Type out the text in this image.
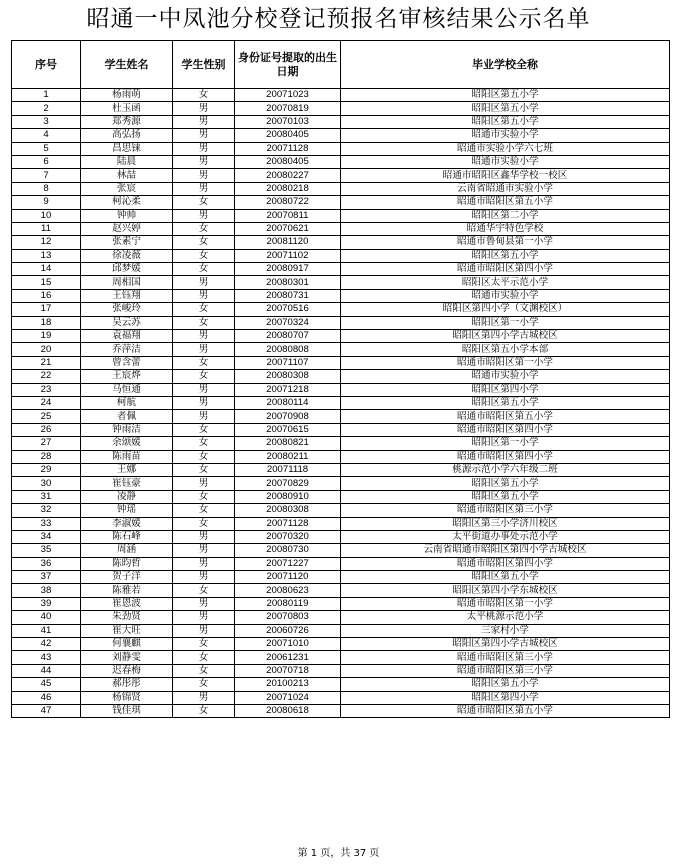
昭通一中凤池分校登记预报名审核结果公示名单
序号	学生姓名	学生性别	身份证号提取的出生日期	毕业学校全称
1	杨雨萌	女	20071023	昭阳区第五小学
2	杜玉函	男	20070819	昭阳区第五小学
3	郑秀源	男	20070103	昭阳区第五小学
4	高弘扬	男	20080405	昭通市实验小学
5	昌思铼	男	20071128	昭通市实验小学六七班
6	陆晨	男	20080405	昭通市实验小学
7	林喆	男	20080227	昭通市昭阳区鑫华学校一校区
8	张宸	男	20080218	云南省昭通市实验小学
9	柯沁柔	女	20080722	昭通市昭阳区第五小学
10	钟帅	男	20070811	昭阳区第二小学
11	赵兴婷	女	20070621	昭通华宇特色学校
12	张素宁	女	20081120	昭通市鲁甸县第一小学
13	徐凌薇	女	20071102	昭阳区第五小学
14	邱梦媛	女	20080917	昭通市昭阳区第四小学
15	周相国	男	20080301	昭阳区太平示范小学
16	王钰翔	男	20080731	昭通市实验小学
17	张峻玲	女	20070516	昭阳区第四小学（文渊校区）
18	吴云苏	女	20070324	昭阳区第一小学
19	袁福翔	男	20080707	昭阳区第四小学古城校区
20	乔萍洁	男	20080808	昭阳区第五小学本部
21	曾含蕾	女	20071107	昭通市昭阳区第一小学
22	王宸烨	女	20080308	昭通市实验小学
23	马恒通	男	20071218	昭阳区第四小学
24	柯航	男	20080114	昭阳区第五小学
25	者佩	男	20070908	昭通市昭阳区第五小学
26	钟雨洁	女	20070615	昭通市昭阳区第四小学
27	余颂媛	女	20080821	昭阳区第一小学
28	陈雨苗	女	20080211	昭通市昭阳区第四小学
29	王娜	女	20071118	桃源示范小学六年级二班
30	崔钰豪	男	20070829	昭阳区第五小学
31	凌静	女	20080910	昭阳区第五小学
32	钟瑶	女	20080308	昭通市昭阳区第三小学
33	李淑媛	女	20071128	昭阳区第三小学济川校区
34	陈石峰	男	20070320	太平街道办事处示范小学
35	周涵	男	20080730	云南省昭通市昭阳区第四小学古城校区
36	陈昀哲	男	20071227	昭通市昭阳区第四小学
37	贺子洋	男	20071120	昭阳区第五小学
38	陈雅若	女	20080623	昭阳区第四小学东城校区
39	崔恩波	男	20080119	昭通市昭阳区第一小学
40	朱劲贤	男	20070803	太平桃源示范小学
41	崔大旺	男	20060726	三家村小学
42	何襄麒	女	20071010	昭阳区第四小学古城校区
43	刘静雯	女	20061231	昭通市昭阳区第三小学
44	迟春梅	女	20070718	昭通市昭阳区第三小学
45	郝彤彤	女	20100213	昭阳区第五小学
46	杨锦贤	男	20071024	昭阳区第四小学
47	钱佳琪	女	20080618	昭通市昭阳区第五小学
第 1 页，共 37 页
